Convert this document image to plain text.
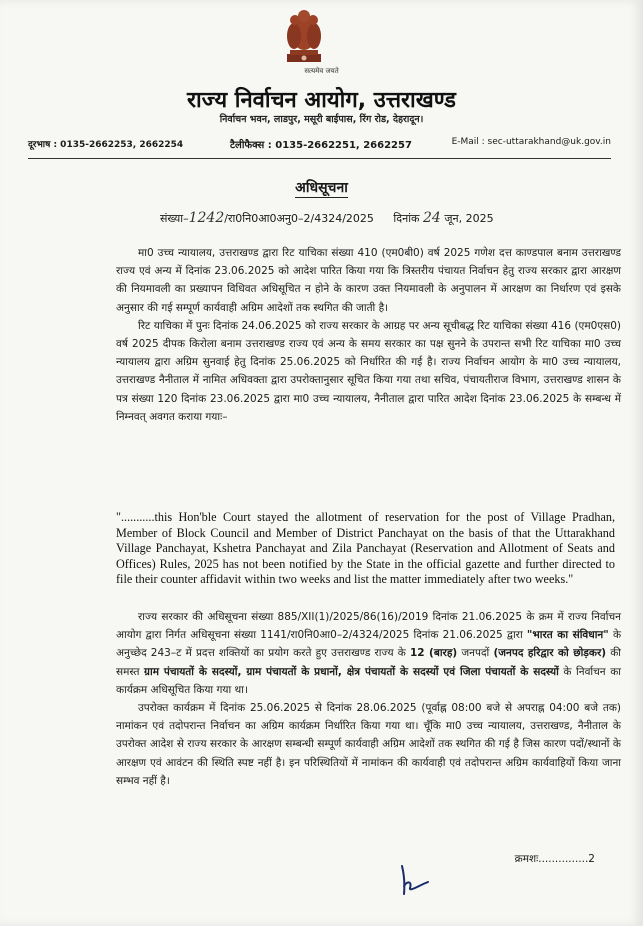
सत्यमेव जयते
राज्य निर्वाचन आयोग, उत्तराखण्ड
निर्वाचन भवन, लाडपुर, मसूरी बाईपास, रिंग रोड, देहरादून।
दूरभाष : 0135-2662253, 2662254	टैलीफैक्स : 0135-2662251, 2662257	E-Mail : sec-uttarakhand@uk.gov.in
अधिसूचना
संख्या–1242/रा0नि0आ0अनु0–2/4324/2025 दिनांक 24 जून, 2025

मा0 उच्च न्यायालय, उत्तराखण्ड द्वारा रिट याचिका संख्या 410 (एम0बी0) वर्ष 2025 गणेश दत्त काण्डपाल बनाम उत्तराखण्ड राज्य एवं अन्य में दिनांक 23.06.2025 को आदेश पारित किया गया कि त्रिस्तरीय पंचायत निर्वाचन हेतु राज्य सरकार द्वारा आरक्षण की नियमावली का प्रख्यापन विधिवत अधिसूचित न होने के कारण उक्त नियमावली के अनुपालन में आरक्षण का निर्धारण एवं इसके अनुसार की गई सम्पूर्ण कार्यवाही अग्रिम आदेशों तक स्थगित की जाती है।

रिट याचिका में पुनः दिनांक 24.06.2025 को राज्य सरकार के आग्रह पर अन्य सूचीबद्ध रिट याचिका संख्या 416 (एम0एस0) वर्ष 2025 दीपक किरोला बनाम उत्तराखण्ड राज्य एवं अन्य के समय सरकार का पक्ष सुनने के उपरान्त सभी रिट याचिका मा0 उच्च न्यायालय द्वारा अग्रिम सुनवाई हेतु दिनांक 25.06.2025 को निर्धारित की गई है। राज्य निर्वाचन आयोग के मा0 उच्च न्यायालय, उत्तराखण्ड नैनीताल में नामित अधिवक्ता द्वारा उपरोक्तानुसार सूचित किया गया तथा सचिव, पंचायतीराज विभाग, उत्तराखण्ड शासन के पत्र संख्या 120 दिनांक 23.06.2025 द्वारा मा0 उच्च न्यायालय, नैनीताल द्वारा पारित आदेश दिनांक 23.06.2025 के सम्बन्ध में निम्नवत् अवगत कराया गयाः–

"...........this Hon'ble Court stayed the allotment of reservation for the post of Village Pradhan, Member of Block Council and Member of District Panchayat on the basis of that the Uttarakhand Village Panchayat, Kshetra Panchayat and Zila Panchayat (Reservation and Allotment of Seats and Offices) Rules, 2025 has not been notified by the State in the official gazette and further directed to file their counter affidavit within two weeks and list the matter immediately after two weeks."

राज्य सरकार की अधिसूचना संख्या 885/XII(1)/2025/86(16)/2019 दिनांक 21.06.2025 के क्रम में राज्य निर्वाचन आयोग द्वारा निर्गत अधिसूचना संख्या 1141/रा0नि0आ0–2/4324/2025 दिनांक 21.06.2025 द्वारा "भारत का संविधान" के अनुच्छेद 243–ट में प्रदत्त शक्तियों का प्रयोग करते हुए उत्तराखण्ड राज्य के 12 (बारह) जनपदों (जनपद हरिद्वार को छोड़कर) की समस्त ग्राम पंचायतों के सदस्यों, ग्राम पंचायतों के प्रधानों, क्षेत्र पंचायतों के सदस्यों एवं जिला पंचायतों के सदस्यों के निर्वाचन का कार्यक्रम अधिसूचित किया गया था।

उपरोक्त कार्यक्रम में दिनांक 25.06.2025 से दिनांक 28.06.2025 (पूर्वाह्न 08:00 बजे से अपराह्न 04:00 बजे तक) नामांकन एवं तदोपरान्त निर्वाचन का अग्रिम कार्यक्रम निर्धारित किया गया था। चूँकि मा0 उच्च न्यायालय, उत्तराखण्ड, नैनीताल के उपरोक्त आदेश से राज्य सरकार के आरक्षण सम्बन्धी सम्पूर्ण कार्यवाही अग्रिम आदेशों तक स्थगित की गई है जिस कारण पदों/स्थानों के आरक्षण एवं आवंटन की स्थिति स्पष्ट नहीं है। इन परिस्थितियों में नामांकन की कार्यवाही एवं तदोपरान्त अग्रिम कार्यवाहियों किया जाना सम्भव नहीं है।

क्रमशः...............2
